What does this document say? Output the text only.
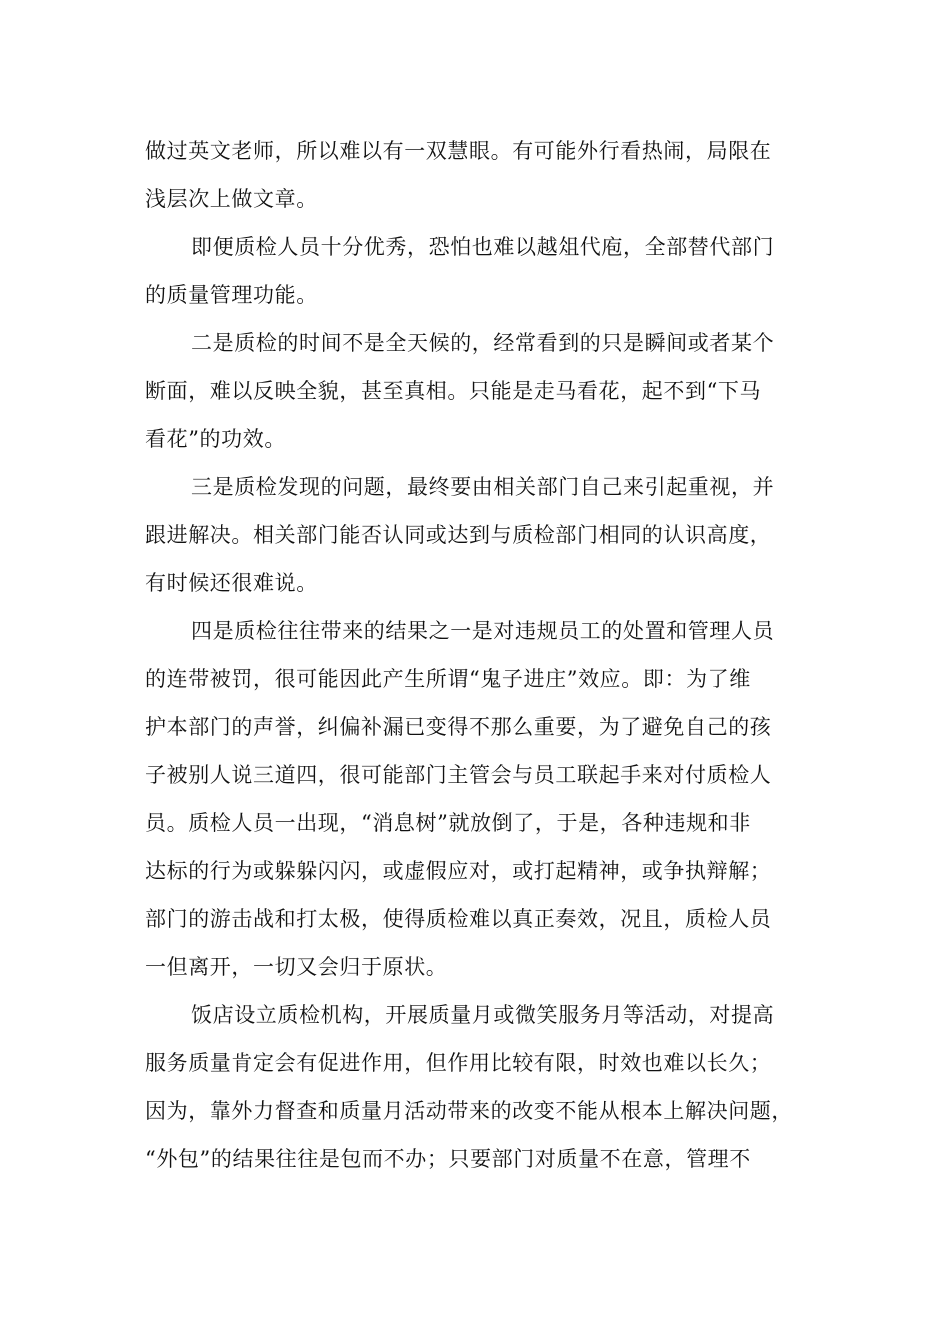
做过英文老师，所以难以有一双慧眼。有可能外行看热闹，局限在
浅层次上做文章。
即便质检人员十分优秀，恐怕也难以越俎代庖，全部替代部门
的质量管理功能。
二是质检的时间不是全天候的，经常看到的只是瞬间或者某个
断面，难以反映全貌，甚至真相。只能是走马看花，起不到“下马
看花”的功效。
三是质检发现的问题，最终要由相关部门自己来引起重视，并
跟进解决。相关部门能否认同或达到与质检部门相同的认识高度，
有时候还很难说。
四是质检往往带来的结果之一是对违规员工的处置和管理人员
的连带被罚，很可能因此产生所谓“鬼子进庄”效应。即：为了维
护本部门的声誉，纠偏补漏已变得不那么重要，为了避免自己的孩
子被别人说三道四，很可能部门主管会与员工联起手来对付质检人
员。质检人员一出现，“消息树”就放倒了，于是，各种违规和非
达标的行为或躲躲闪闪，或虚假应对，或打起精神，或争执辩解；
部门的游击战和打太极，使得质检难以真正奏效，况且，质检人员
一但离开，一切又会归于原状。
饭店设立质检机构，开展质量月或微笑服务月等活动，对提高
服务质量肯定会有促进作用，但作用比较有限，时效也难以长久；
因为，靠外力督查和质量月活动带来的改变不能从根本上解决问题，
“外包”的结果往往是包而不办；只要部门对质量不在意，管理不
